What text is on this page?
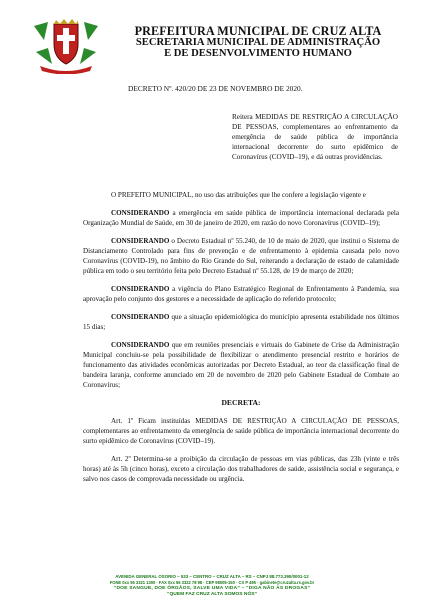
PREFEITURA MUNICIPAL DE CRUZ ALTA
SECRETARIA MUNICIPAL DE ADMINISTRAÇÃO
E DE DESENVOLVIMENTO HUMANO
DECRETO Nº. 420/20 DE 23 DE NOVEMBRO DE 2020.
Reitera MEDIDAS DE RESTRIÇÃO A CIRCULAÇÃO DE PESSOAS, complementares ao enfrentamento da emergência de saúde pública de importância internacional decorrente do surto epidêmico de Coronavírus (COVID–19), e dá outras providências.

O PREFEITO MUNICIPAL, no uso das atribuições que lhe confere a legislação vigente e

CONSIDERANDO a emergência em saúde pública de importância internacional declarada pela Organização Mundial de Saúde, em 30 de janeiro de 2020, em razão do novo Coronavírus (COVID–19);

CONSIDERANDO o Decreto Estadual nº 55.240, de 10 de maio de 2020, que institui o Sistema de Distanciamento Controlado para fins de prevenção e de enfrentamento à epidemia causada pelo novo Coronavírus (COVID-19), no âmbito do Rio Grande do Sul, reiterando a declaração de estado de calamidade pública em todo o seu território feita pelo Decreto Estadual nº 55.128, de 19 de março de 2020;

CONSIDERANDO a vigência do Plano Estratégico Regional de Enfrentamento à Pandemia, sua aprovação pelo conjunto dos gestores e a necessidade de aplicação do referido protocolo;

CONSIDERANDO que a situação epidemiológica do município apresenta estabilidade nos últimos 15 dias;

CONSIDERANDO que em reuniões presenciais e virtuais do Gabinete de Crise da Administração Municipal concluiu-se pela possibilidade de flexibilizar o atendimento presencial restrito e horários de funcionamento das atividades econômicas autorizadas por Decreto Estadual, ao teor da classificação final de bandeira laranja, conforme anunciado em 20 de novembro de 2020 pelo Gabinete Estadual de Combate ao Coronavírus;

DECRETA:

Art. 1º Ficam instituídas MEDIDAS DE RESTRIÇÃO A CIRCULAÇÃO DE PESSOAS, complementares ao enfrentamento da emergência de saúde pública de importância internacional decorrente do surto epidêmico de Coronavírus (COVID–19).

Art. 2º Determina-se a proibição da circulação de pessoas em vias públicas, das 23h (vinte e três horas) até às 5h (cinco horas), exceto a circulação dos trabalhadores de saúde, assistência social e segurança, e salvo nos casos de comprovada necessidade ou urgência.

AVENIDA GENERAL OSORIO – 533 – CENTRO – CRUZ ALTA – RS – CNPJ 88.773.390/0001-12
FONE 0xx 55 3321 1300 · FAX 0xx 55 3322 78 98 · CEP 98005-150 · CX P 495 · gabinete@cruzalta.rs.gov.br
“DOE SANGUE, DOE ÓRGÃOS, SALVE UMA VIDA” – “DIGA NÃO ÀS DROGAS”
“QUEM FAZ CRUZ ALTA SOMOS NÓS”
